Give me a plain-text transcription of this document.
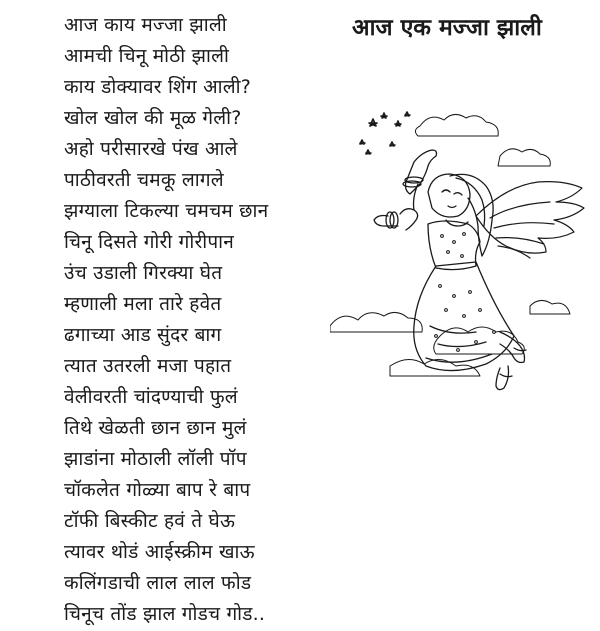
आज काय मज्जा झाली
आमची चिनू मोठी झाली
काय डोक्यावर शिंग आली?
खोल खोल की मूळ गेली?
अहो परीसारखे पंख आले
पाठीवरती चमकू लागले
झग्याला टिकल्या चमचम छान
चिनू दिसते गोरी गोरीपान
उंच उडाली गिरक्या घेत
म्हणाली मला तारे हवेत
ढगाच्या आड सुंदर बाग
त्यात उतरली मजा पहात
वेलीवरती चांदण्याची फुलं
तिथे खेळती छान छान मुलं
झाडांना मोठाली लॉली पॉप
चॉकलेत गोळ्या बाप रे बाप
टॉफी बिस्कीट हवं ते घेऊ
त्यावर थोडं आईस्क्रीम खाऊ
कलिंगडाची लाल लाल फोड
चिनूच तोंड झाल गोडच गोड..
आज एक मज्जा झाली
